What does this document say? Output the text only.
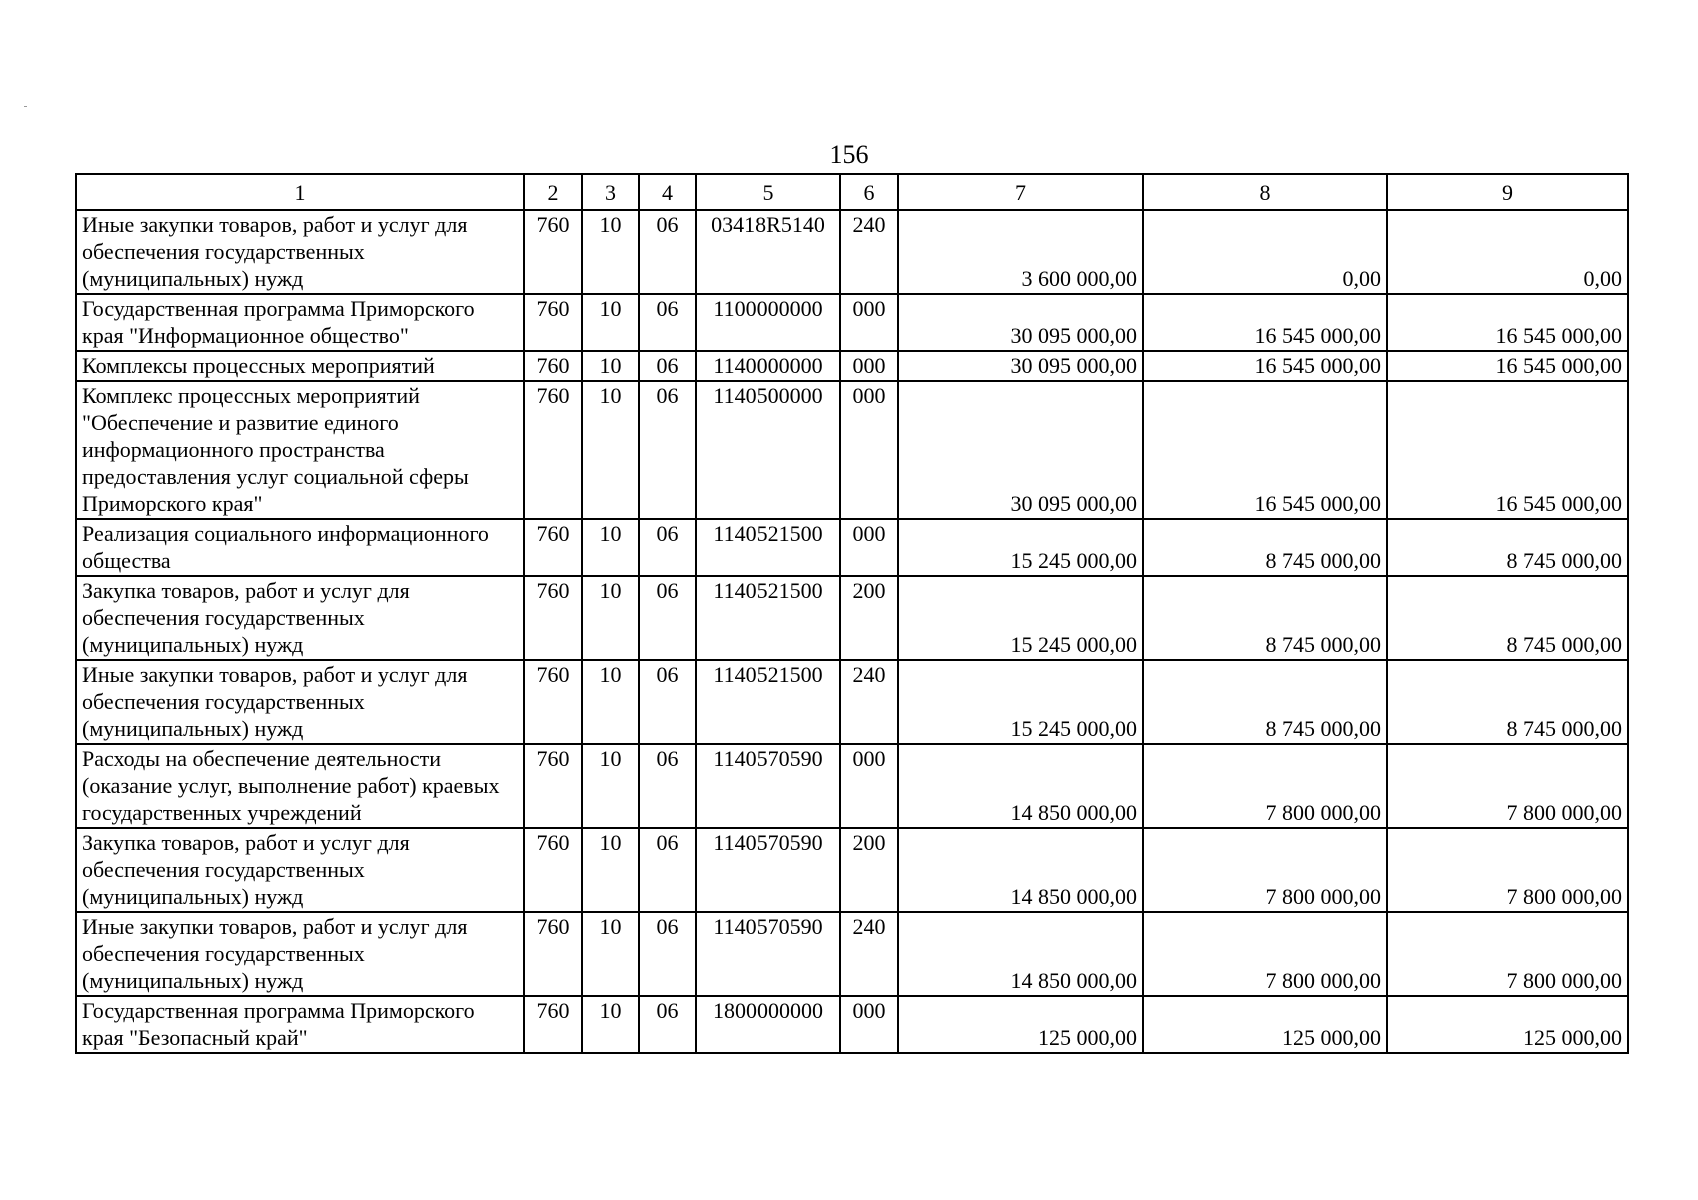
156
1	2	3	4	5	6	7	8	9
Иные закупки товаров, работ и услуг для обеспечения государственных (муниципальных) нужд	760	10	06	03418R5140	240	3 600 000,00	0,00	0,00
Государственная программа Приморского края "Информационное общество"	760	10	06	1100000000	000	30 095 000,00	16 545 000,00	16 545 000,00
Комплексы процессных мероприятий	760	10	06	1140000000	000	30 095 000,00	16 545 000,00	16 545 000,00
Комплекс процессных мероприятий "Обеспечение и развитие единого информационного пространства предоставления услуг социальной сферы Приморского края"	760	10	06	1140500000	000	30 095 000,00	16 545 000,00	16 545 000,00
Реализация социального информационного общества	760	10	06	1140521500	000	15 245 000,00	8 745 000,00	8 745 000,00
Закупка товаров, работ и услуг для обеспечения государственных (муниципальных) нужд	760	10	06	1140521500	200	15 245 000,00	8 745 000,00	8 745 000,00
Иные закупки товаров, работ и услуг для обеспечения государственных (муниципальных) нужд	760	10	06	1140521500	240	15 245 000,00	8 745 000,00	8 745 000,00
Расходы на обеспечение деятельности (оказание услуг, выполнение работ) краевых государственных учреждений	760	10	06	1140570590	000	14 850 000,00	7 800 000,00	7 800 000,00
Закупка товаров, работ и услуг для обеспечения государственных (муниципальных) нужд	760	10	06	1140570590	200	14 850 000,00	7 800 000,00	7 800 000,00
Иные закупки товаров, работ и услуг для обеспечения государственных (муниципальных) нужд	760	10	06	1140570590	240	14 850 000,00	7 800 000,00	7 800 000,00
Государственная программа Приморского края "Безопасный край"	760	10	06	1800000000	000	125 000,00	125 000,00	125 000,00
